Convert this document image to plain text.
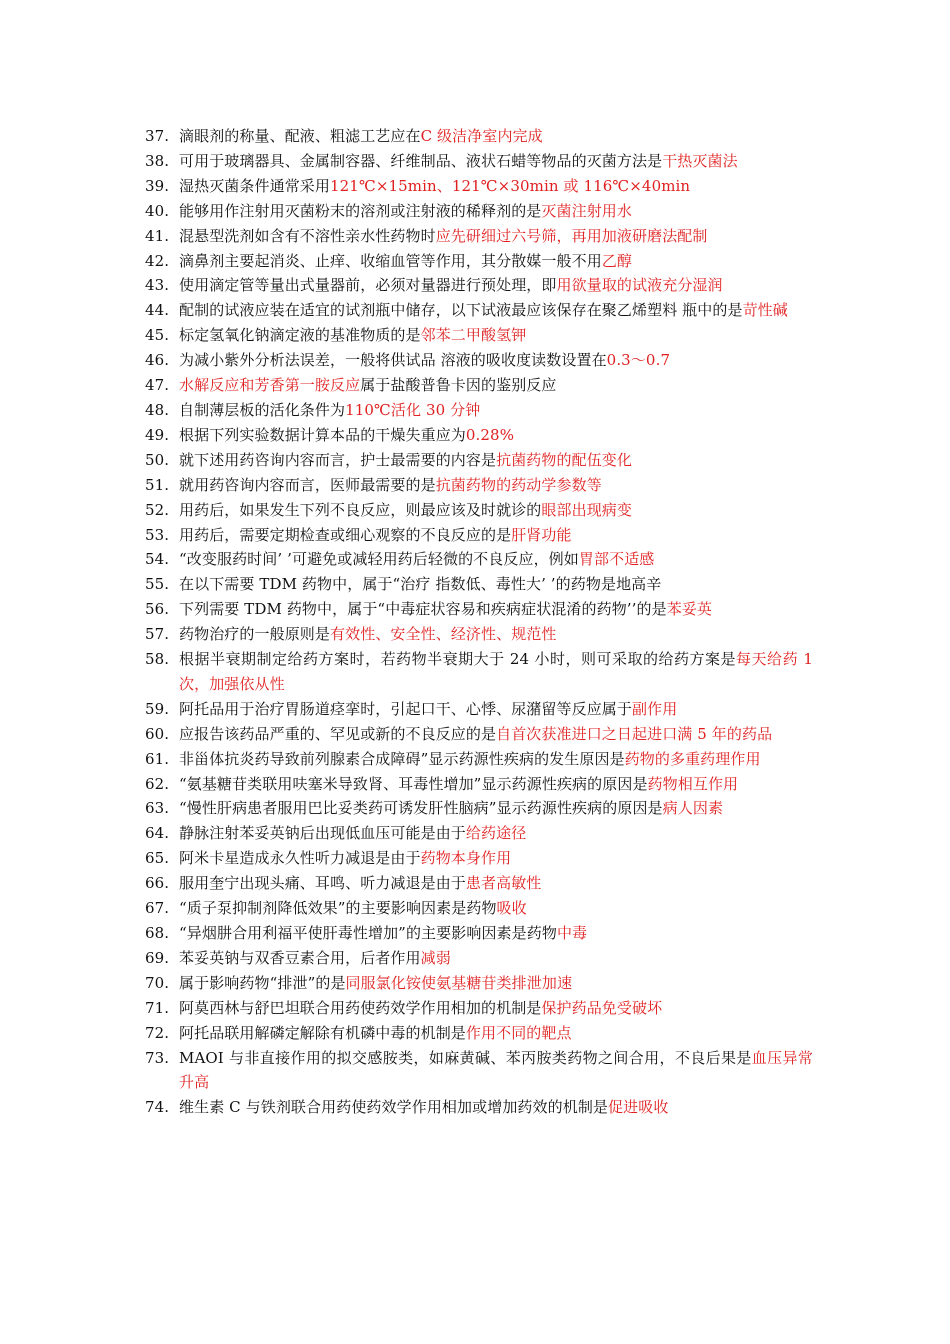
37. 滴眼剂的称量、配液、粗滤工艺应在C 级洁净室内完成
38. 可用于玻璃器具、金属制容器、纤维制品、液状石蜡等物品的灭菌方法是干热灭菌法
39. 湿热灭菌条件通常采用121℃×15min、121℃×30min 或 116℃×40min
40. 能够用作注射用灭菌粉末的溶剂或注射液的稀释剂的是灭菌注射用水
41. 混悬型洗剂如含有不溶性亲水性药物时应先研细过六号筛，再用加液研磨法配制
42. 滴鼻剂主要起消炎、止痒、收缩血管等作用，其分散媒一般不用乙醇
43. 使用滴定管等量出式量器前，必须对量器进行预处理，即用欲量取的试液充分湿润
44. 配制的试液应装在适宜的试剂瓶中储存，以下试液最应该保存在聚乙烯塑料 瓶中的是苛性碱
45. 标定氢氧化钠滴定液的基准物质的是邻苯二甲酸氢钾
46. 为减小紫外分析法误差，一般将供试品 溶液的吸收度读数设置在0.3～0.7
47. 水解反应和芳香第一胺反应属于盐酸普鲁卡因的鉴别反应
48. 自制薄层板的活化条件为110℃活化 30 分钟
49. 根据下列实验数据计算本品的干燥失重应为0.28%
50. 就下述用药咨询内容而言，护士最需要的内容是抗菌药物的配伍变化
51. 就用药咨询内容而言，医师最需要的是抗菌药物的药动学参数等
52. 用药后，如果发生下列不良反应，则最应该及时就诊的眼部出现病变
53. 用药后，需要定期检查或细心观察的不良反应的是肝肾功能
54. “改变服药时间’ ’可避免或减轻用药后轻微的不良反应，例如胃部不适感
55. 在以下需要 TDM 药物中，属于“治疗 指数低、毒性大’ ’的药物是地高辛
56. 下列需要 TDM 药物中，属于“中毒症状容易和疾病症状混淆的药物’’的是苯妥英
57. 药物治疗的一般原则是有效性、安全性、经济性、规范性
58. 根据半衰期制定给药方案时，若药物半衰期大于 24 小时，则可采取的给药方案是每天给药 1 次，加强依从性
59. 阿托品用于治疗胃肠道痉挛时，引起口干、心悸、尿潴留等反应属于副作用
60. 应报告该药品严重的、罕见或新的不良反应的是自首次获准进口之日起进口满 5 年的药品
61. 非甾体抗炎药导致前列腺素合成障碍”显示药源性疾病的发生原因是药物的多重药理作用
62. “氨基糖苷类联用呋塞米导致肾、耳毒性增加”显示药源性疾病的原因是药物相互作用
63. “慢性肝病患者服用巴比妥类药可诱发肝性脑病”显示药源性疾病的原因是病人因素
64. 静脉注射苯妥英钠后出现低血压可能是由于给药途径
65. 阿米卡星造成永久性听力减退是由于药物本身作用
66. 服用奎宁出现头痛、耳鸣、听力减退是由于患者高敏性
67. “质子泵抑制剂降低效果”的主要影响因素是药物吸收
68. “异烟肼合用利福平使肝毒性增加”的主要影响因素是药物中毒
69. 苯妥英钠与双香豆素合用，后者作用减弱
70. 属于影响药物“排泄”的是同服氯化铵使氨基糖苷类排泄加速
71. 阿莫西林与舒巴坦联合用药使药效学作用相加的机制是保护药品免受破坏
72. 阿托品联用解磷定解除有机磷中毒的机制是作用不同的靶点
73. MAOI 与非直接作用的拟交感胺类，如麻黄碱、苯丙胺类药物之间合用，不良后果是血压异常升高
74. 维生素 C 与铁剂联合用药使药效学作用相加或增加药效的机制是促进吸收
